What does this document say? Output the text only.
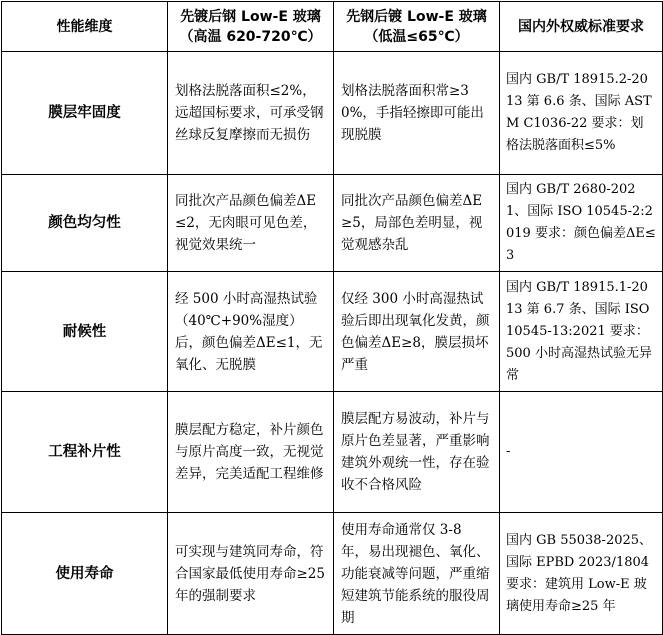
性能维度	先镀后钢 Low-E 玻璃（高温 620-720℃）	先钢后镀 Low-E 玻璃（低温≤65℃）	国内外权威标准要求
膜层牢固度	划格法脱落面积≤2%，远超国标要求，可承受钢丝球反复摩擦而无损伤	划格法脱落面积常≥30%，手指轻擦即可能出现脱膜	国内 GB/T 18915.2-2013 第 6.6 条、国际 ASTM C1036-22 要求：划格法脱落面积≤5%
颜色均匀性	同批次产品颜色偏差ΔE≤2，无肉眼可见色差，视觉效果统一	同批次产品颜色偏差ΔE≥5，局部色差明显，视觉观感杂乱	国内 GB/T 2680-2021、国际 ISO 10545-2:2019 要求：颜色偏差ΔE≤3
耐候性	经 500 小时高湿热试验（40℃+90%湿度）后，颜色偏差ΔE≤1，无氧化、无脱膜	仅经 300 小时高湿热试验后即出现氧化发黄，颜色偏差ΔE≥8，膜层损坏严重	国内 GB/T 18915.1-2013 第 6.7 条、国际 ISO 10545-13:2021 要求：500 小时高湿热试验无异常
工程补片性	膜层配方稳定，补片颜色与原片高度一致，无视觉差异，完美适配工程维修	膜层配方易波动，补片与原片色差显著，严重影响建筑外观统一性，存在验收不合格风险	-
使用寿命	可实现与建筑同寿命，符合国家最低使用寿命≥25 年的强制要求	使用寿命通常仅 3-8 年，易出现褪色、氧化、功能衰减等问题，严重缩短建筑节能系统的服役周期	国内 GB 55038-2025、国际 EPBD 2023/1804 要求：建筑用 Low-E 玻璃使用寿命≥25 年
